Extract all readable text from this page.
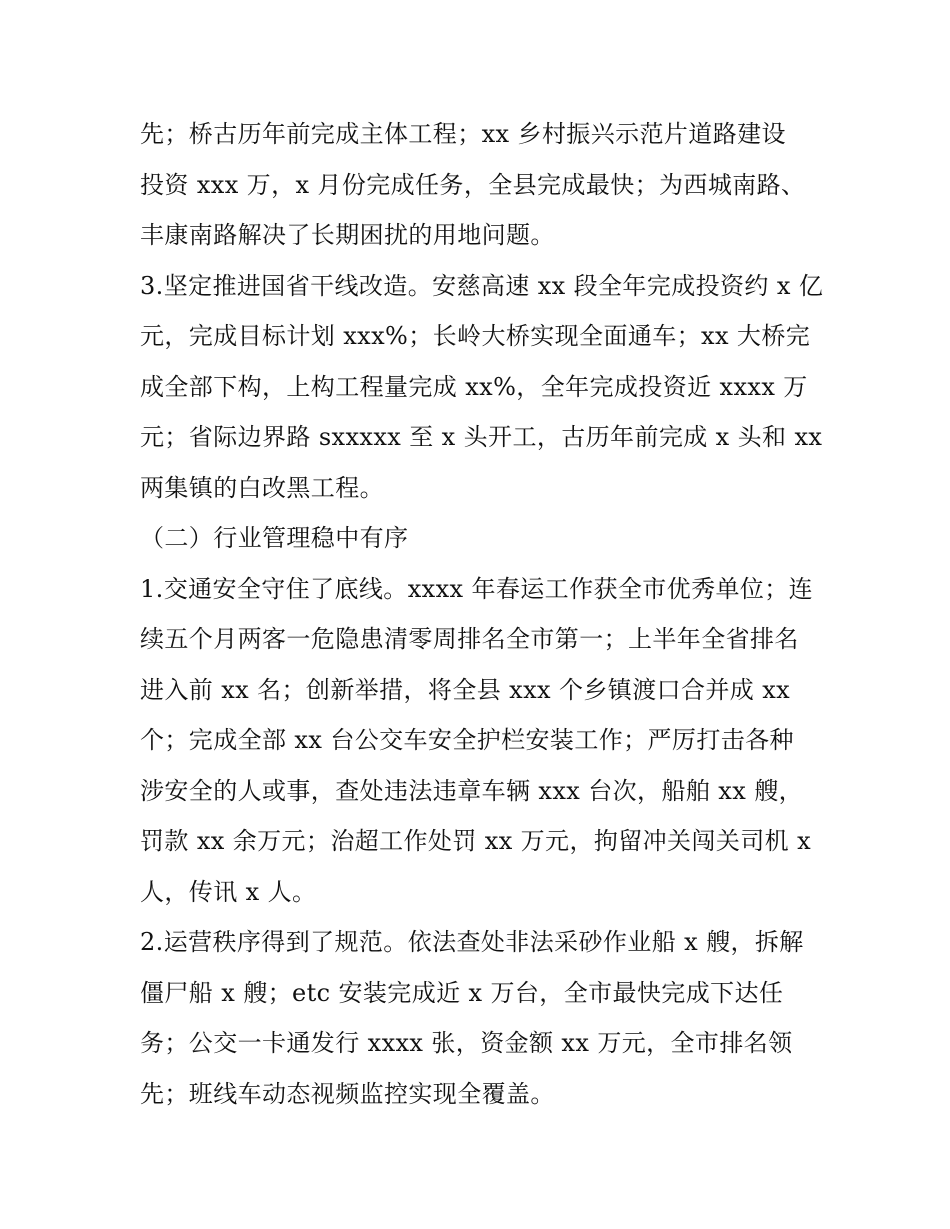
先；桥古历年前完成主体工程；xx 乡村振兴示范片道路建设
投资 xxx 万，x 月份完成任务，全县完成最快；为西城南路、
丰康南路解决了长期困扰的用地问题。
3.坚定推进国省干线改造。安慈高速 xx 段全年完成投资约 x 亿
元，完成目标计划 xxx%；长岭大桥实现全面通车；xx 大桥完
成全部下构，上构工程量完成 xx%，全年完成投资近 xxxx 万
元；省际边界路 sxxxxx 至 x 头开工，古历年前完成 x 头和 xx
两集镇的白改黑工程。
（二）行业管理稳中有序
1.交通安全守住了底线。xxxx 年春运工作获全市优秀单位；连
续五个月两客一危隐患清零周排名全市第一；上半年全省排名
进入前 xx 名；创新举措，将全县 xxx 个乡镇渡口合并成 xx
个；完成全部 xx 台公交车安全护栏安装工作；严厉打击各种
涉安全的人或事，查处违法违章车辆 xxx 台次，船舶 xx 艘，
罚款 xx 余万元；治超工作处罚 xx 万元，拘留冲关闯关司机 x
人，传讯 x 人。
2.运营秩序得到了规范。依法查处非法采砂作业船 x 艘，拆解
僵尸船 x 艘；etc 安装完成近 x 万台，全市最快完成下达任
务；公交一卡通发行 xxxx 张，资金额 xx 万元，全市排名领
先；班线车动态视频监控实现全覆盖。
